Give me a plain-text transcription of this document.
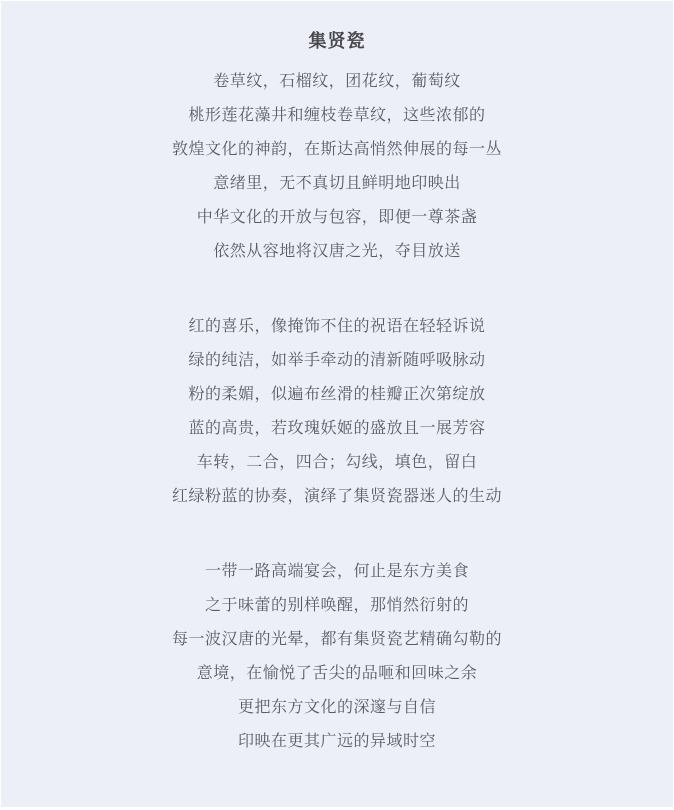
集贤瓷

卷草纹，石榴纹，团花纹，葡萄纹

桃形莲花藻井和缠枝卷草纹，这些浓郁的

敦煌文化的神韵，在斯达高悄然伸展的每一丛

意绪里，无不真切且鲜明地印映出

中华文化的开放与包容，即便一尊茶盏

依然从容地将汉唐之光，夺目放送

红的喜乐，像掩饰不住的祝语在轻轻诉说

绿的纯洁，如举手牵动的清新随呼吸脉动

粉的柔媚，似遍布丝滑的桂瓣正次第绽放

蓝的高贵，若玫瑰妖姬的盛放且一展芳容

车转，二合，四合；勾线，填色，留白

红绿粉蓝的协奏，演绎了集贤瓷器迷人的生动

一带一路高端宴会，何止是东方美食

之于味蕾的别样唤醒，那悄然衍射的

每一波汉唐的光晕，都有集贤瓷艺精确勾勒的

意境，在愉悦了舌尖的品咂和回味之余

更把东方文化的深邃与自信

印映在更其广远的异域时空
